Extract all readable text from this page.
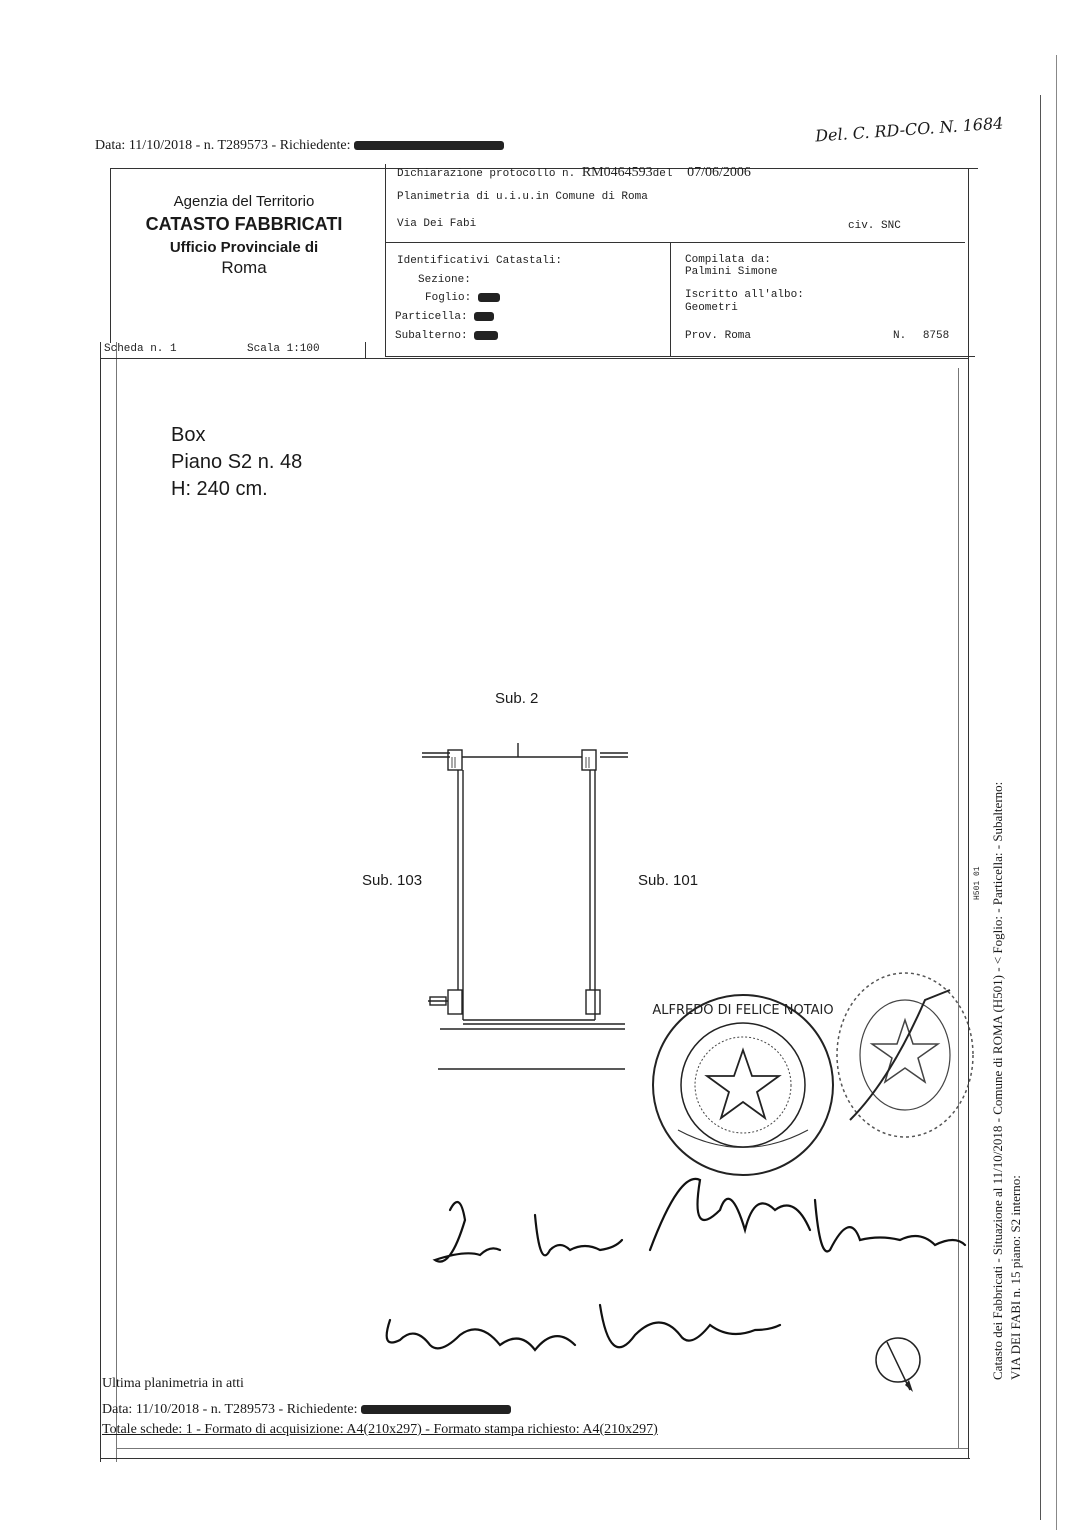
Data: 11/10/2018 - n. T289573 - Richiedente:	Del. C. RD-CO. N. 1684
Agenzia del Territorio
CATASTO FABBRICATI
Ufficio Provinciale di
Roma
Dichiarazione protocollo n. RM0464593del 07/06/2006
Planimetria di u.i.u.in Comune di Roma
Via Dei Fabi	civ. SNC
Identificativi Catastali:
Sezione:
Foglio:
Particella:
Subalterno:
Compilata da:
Palmini Simone
Iscritto all'albo:
Geometri
Prov. Roma	N. 8758
Scheda n. 1	Scala 1:100
Box
Piano S2 n. 48
H: 240 cm.
Sub. 2
Sub. 103	Sub. 101
ALFREDO DI FELICE NOTAIO	Catasto dei Fabbricati - Situazione al 11/10/2018 - Comune di ROMA (H501) - < Foglio: - Particella: - Subalterno: VIA DEI FABI n. 15 piano: S2 interno:
H501 01
Ultima planimetria in atti
Data: 11/10/2018 - n. T289573 - Richiedente:
Totale schede: 1 - Formato di acquisizione: A4(210x297) - Formato stampa richiesto: A4(210x297)
